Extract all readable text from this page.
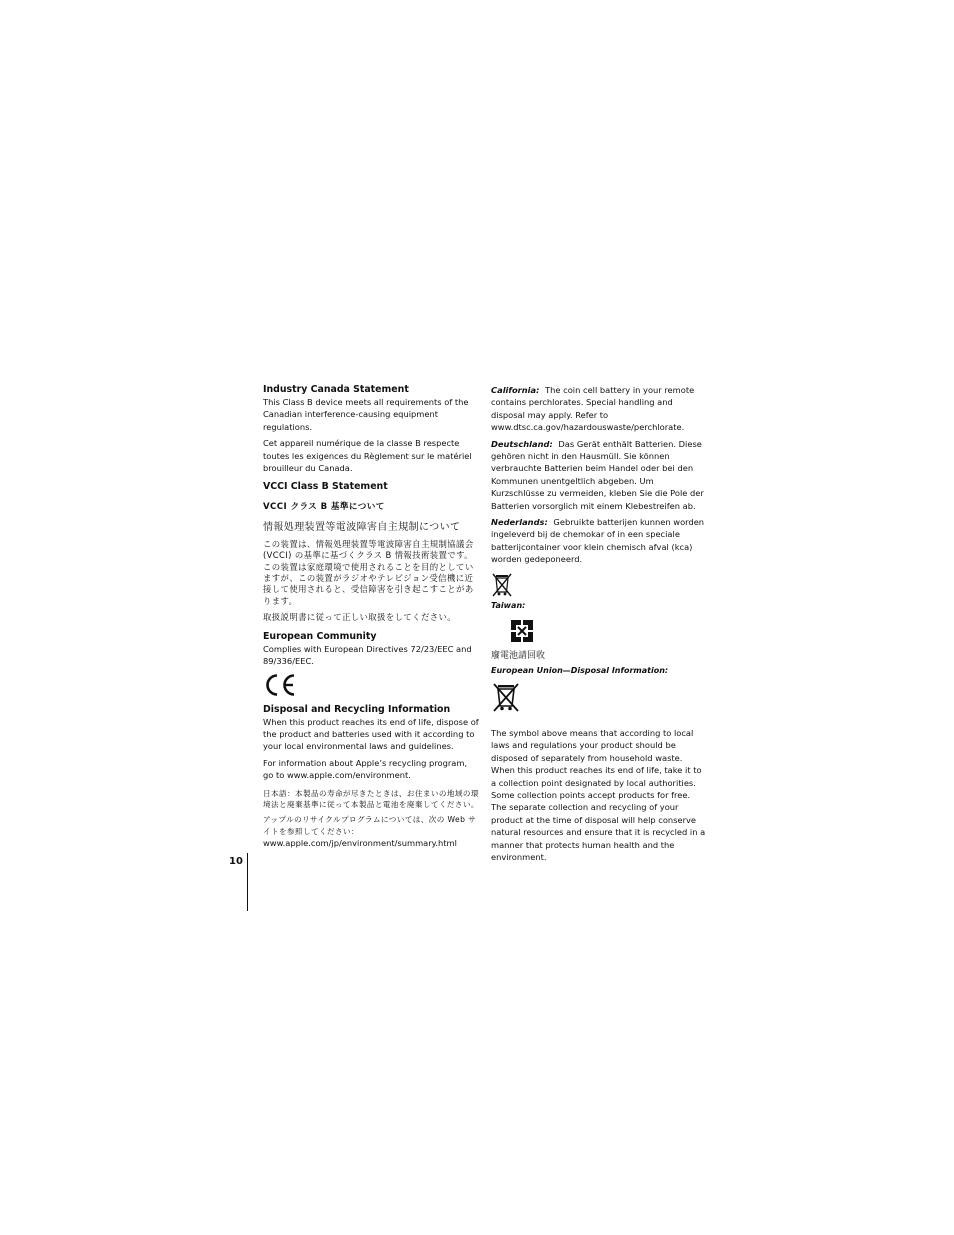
Industry Canada Statement

This Class B device meets all requirements of the Canadian interference-causing equipment regulations.

Cet appareil numérique de la classe B respecte toutes les exigences du Règlement sur le matériel brouilleur du Canada.

VCCI Class B Statement

VCCI クラス B 基準について

情報処理装置等電波障害自主規制について

この装置は、情報処理装置等電波障害自主規制協議会 (VCCI) の基準に基づくクラス B 情報技術装置です。この装置は家庭環境で使用されることを目的としていますが、この装置がラジオやテレビジョン受信機に近接して使用されると、受信障害を引き起こすことがあります。

取扱説明書に従って正しい取扱をしてください。

European Community

Complies with European Directives 72/23/EEC and 89/336/EEC.

Disposal and Recycling Information

When this product reaches its end of life, dispose of the product and batteries used with it according to your local environmental laws and guidelines.

For information about Apple’s recycling program, go to www.apple.com/environment.

日本語：本製品の寿命が尽きたときは、お住まいの地域の環境法と廃棄基準に従って本製品と電池を廃棄してください。

アップルのリサイクルプログラムについては、次の Web サイトを参照してください：

www.apple.com/jp/environment/summary.html

California: The coin cell battery in your remote contains perchlorates. Special handling and disposal may apply. Refer to www.dtsc.ca.gov/hazardouswaste/perchlorate.

Deutschland: Das Gerät enthält Batterien. Diese gehören nicht in den Hausmüll. Sie können verbrauchte Batterien beim Handel oder bei den Kommunen unentgeltlich abgeben. Um Kurzschlüsse zu vermeiden, kleben Sie die Pole der Batterien vorsorglich mit einem Klebestreifen ab.

Nederlands: Gebruikte batterijen kunnen worden ingeleverd bij de chemokar of in een speciale batterijcontainer voor klein chemisch afval (kca) worden gedeponeerd.

Taiwan:

廢電池請回收

European Union—Disposal Information:

The symbol above means that according to local laws and regulations your product should be disposed of separately from household waste. When this product reaches its end of life, take it to a collection point designated by local authorities. Some collection points accept products for free. The separate collection and recycling of your product at the time of disposal will help conserve natural resources and ensure that it is recycled in a manner that protects human health and the environment.

10
